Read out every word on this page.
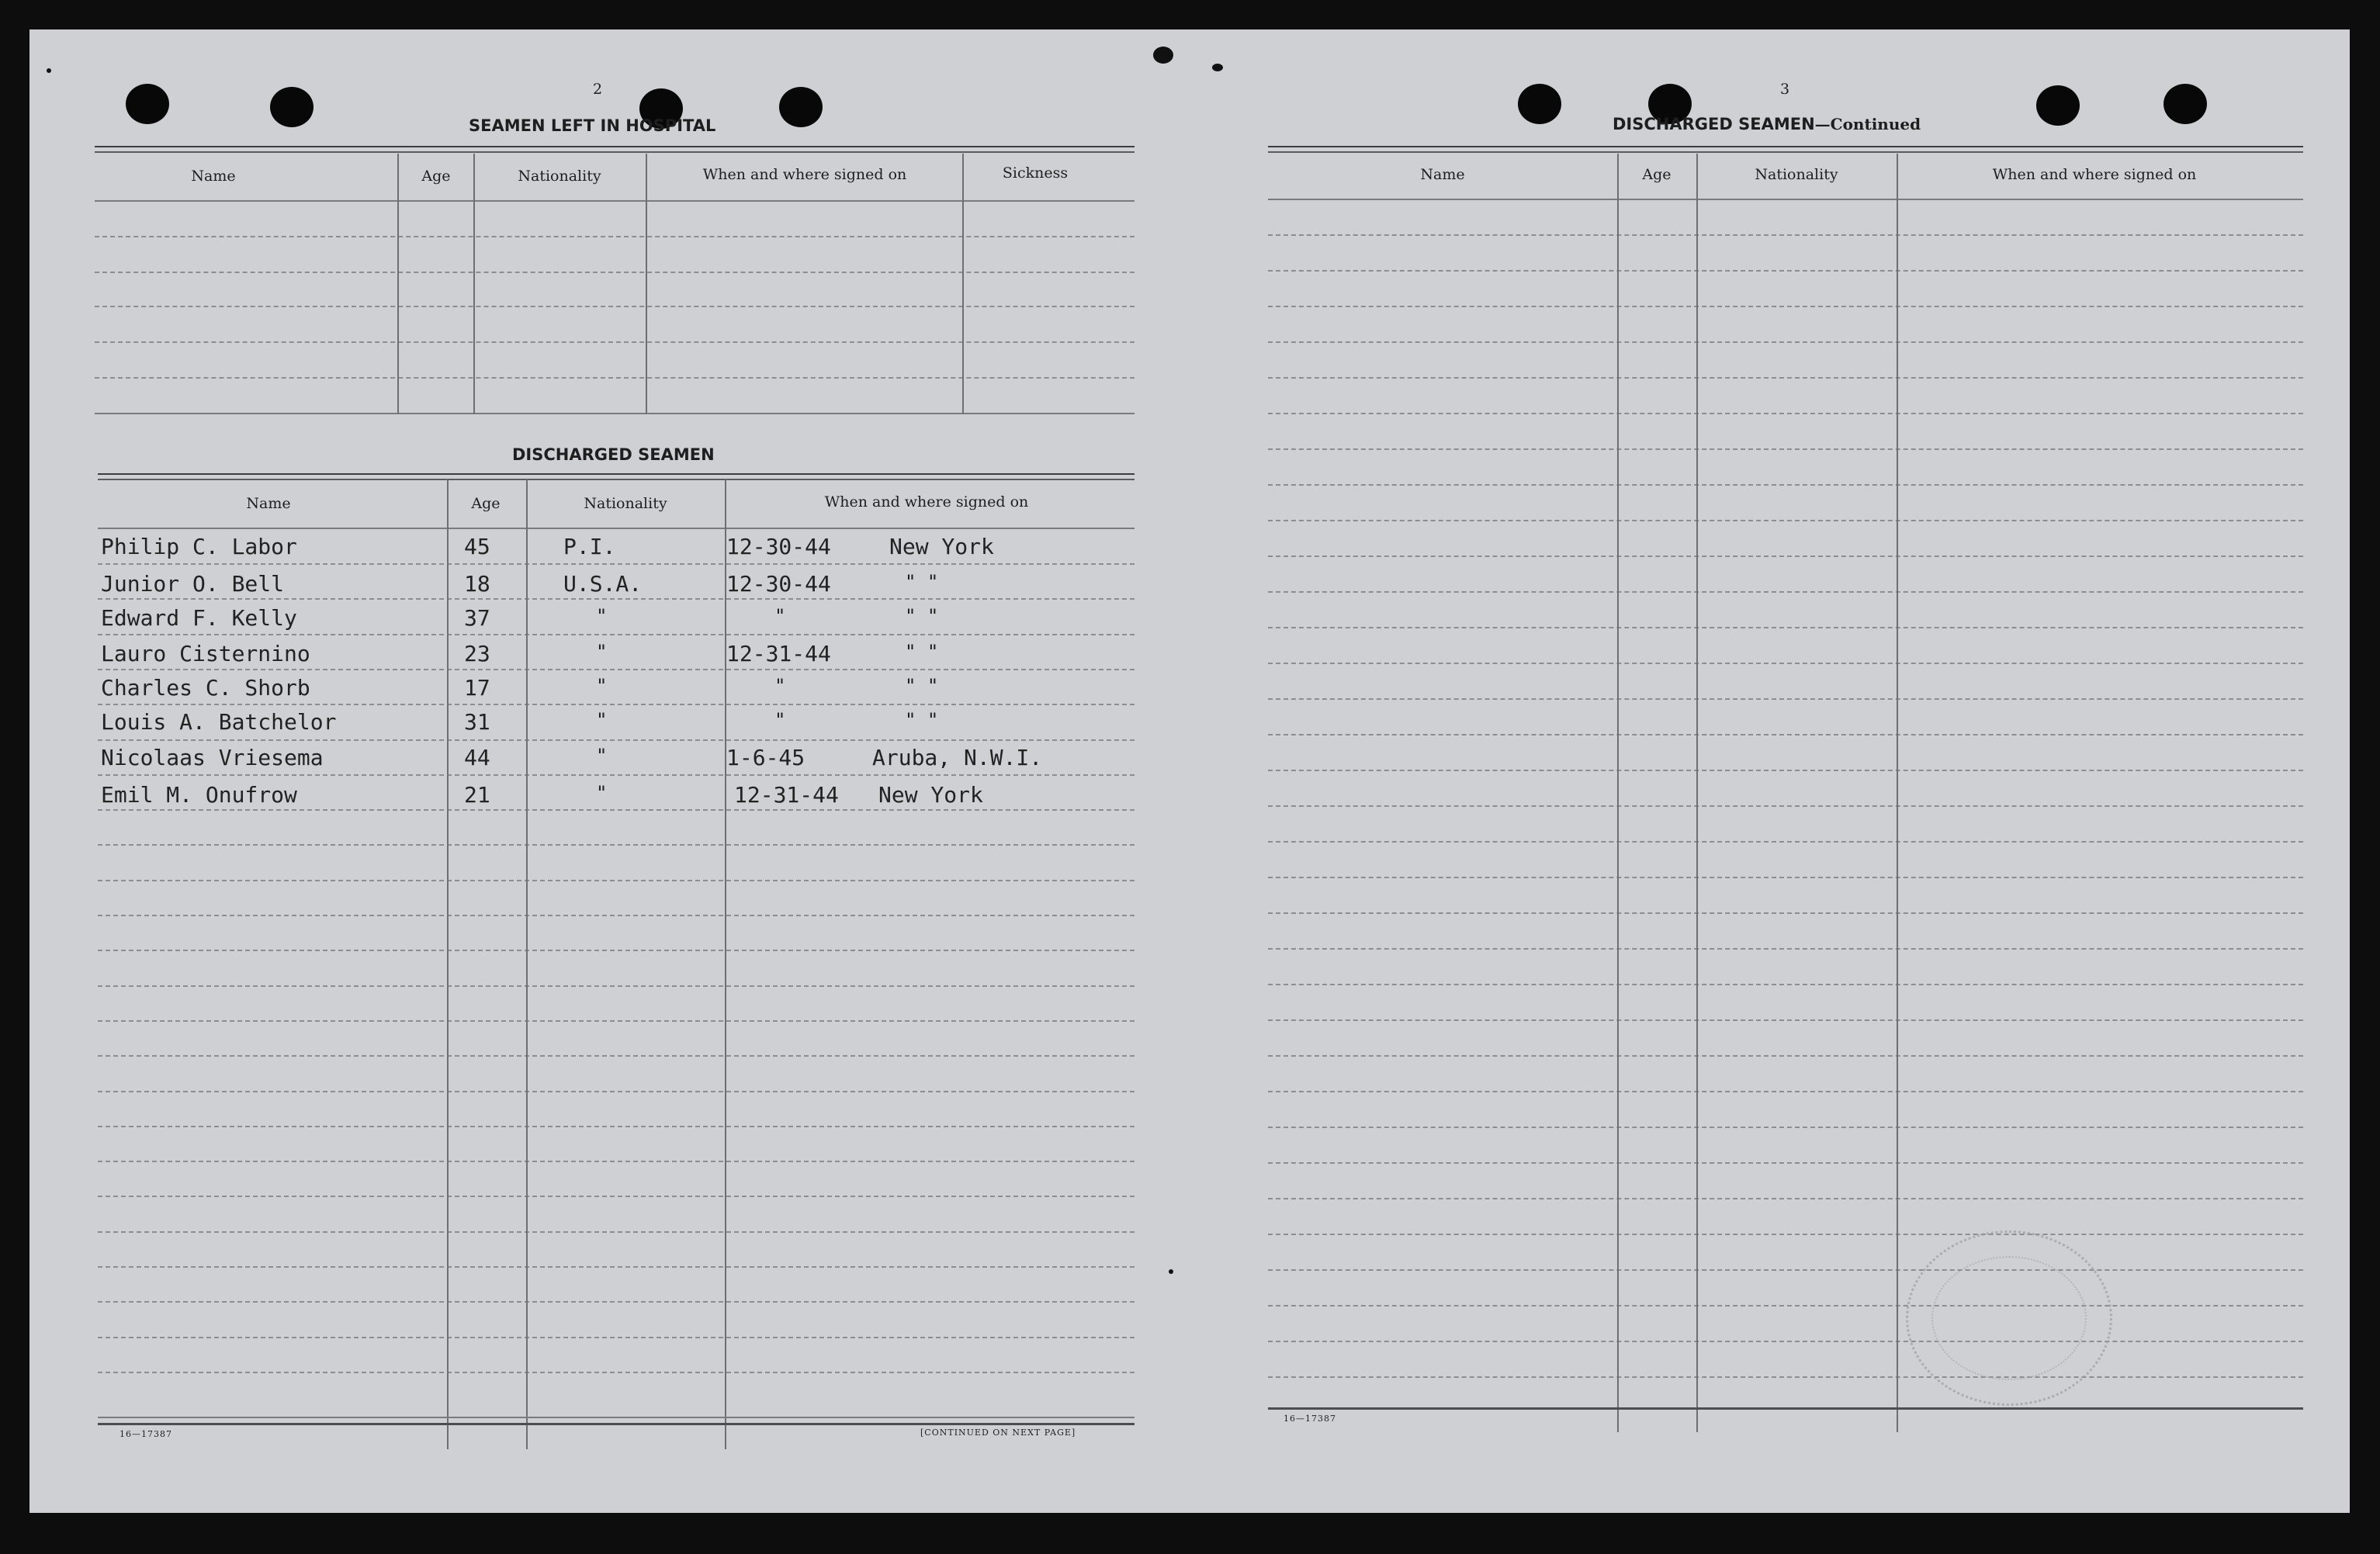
2
SEAMEN LEFT IN HOSPITAL
Name	Age	Nationality	When and where signed on	Sickness
DISCHARGED SEAMEN
Name	Age	Nationality	When and where signed on
Philip C. Labor	45	P.I.	12-30-44	New York
Junior O. Bell	18	U.S.A.	12-30-44	" "
Edward F. Kelly	37	"	"	" "
Lauro Cisternino	23	"	12-31-44	" "
Charles C. Shorb	17	"	"	" "
Louis A. Batchelor	31	"	"	" "
Nicolaas Vriesema	44	"	1-6-45	Aruba, N.W.I.
Emil M. Onufrow	21	"	12-31-44 New York
16—17387	[CONTINUED ON NEXT PAGE]
3
DISCHARGED SEAMEN—Continued
Name	Age	Nationality	When and where signed on
16—17387
